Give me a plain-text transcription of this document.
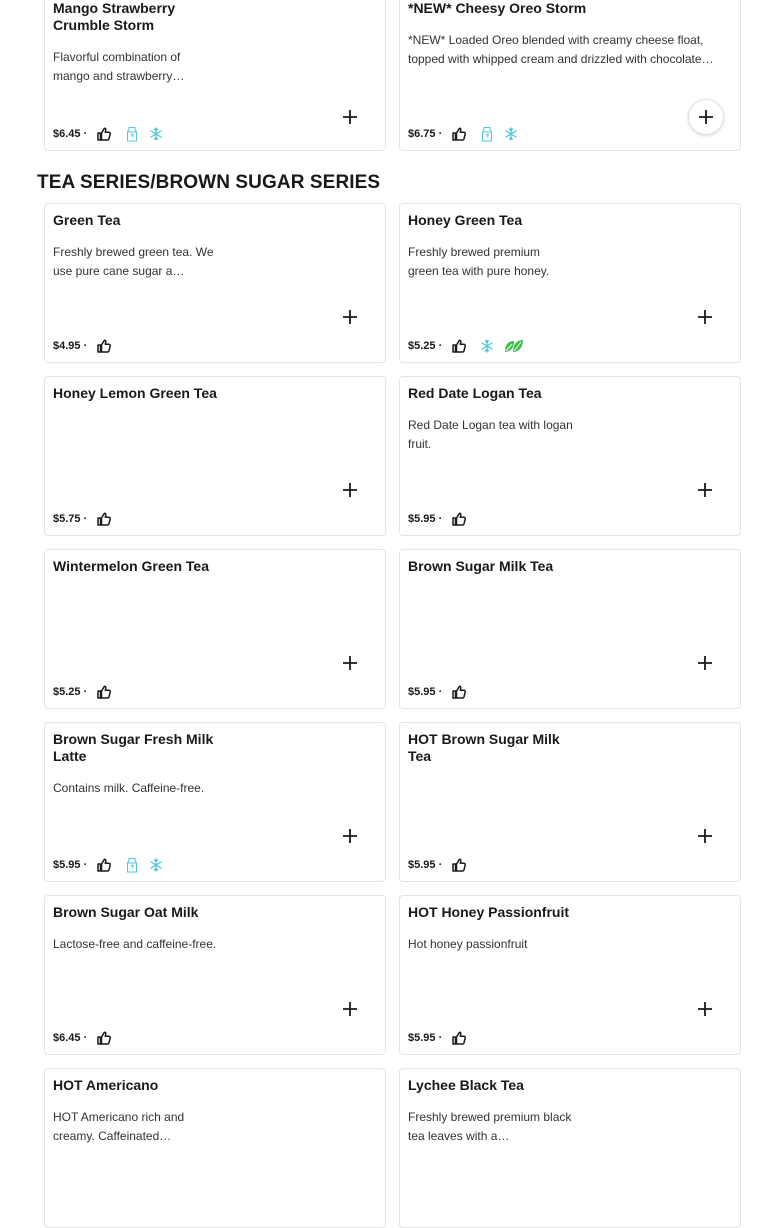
TEA SERIES/BROWN SUGAR SERIES
Mango Strawberry Crumble Storm
Flavorful combination of mango and strawberry…
$6.45 ·
*NEW* Cheesy Oreo Storm
*NEW* Loaded Oreo blended with creamy cheese float, topped with whipped cream and drizzled with chocolate…
$6.75 ·
Green Tea
Freshly brewed green tea. We use pure cane sugar a…
$4.95 ·
Honey Green Tea
Freshly brewed premium green tea with pure honey.
$5.25 ·
Honey Lemon Green Tea
$5.75 ·
Red Date Logan Tea
Red Date Logan tea with logan fruit.
$5.95 ·
Wintermelon Green Tea
$5.25 ·
Brown Sugar Milk Tea
$5.95 ·
Brown Sugar Fresh Milk Latte
Contains milk. Caffeine-free.
$5.95 ·
HOT Brown Sugar Milk Tea
$5.95 ·
Brown Sugar Oat Milk
Lactose-free and caffeine-free.
$6.45 ·
HOT Honey Passionfruit
Hot honey passionfruit
$5.95 ·
HOT Americano
HOT Americano rich and creamy. Caffeinated…
Lychee Black Tea
Freshly brewed premium black tea leaves with a…
